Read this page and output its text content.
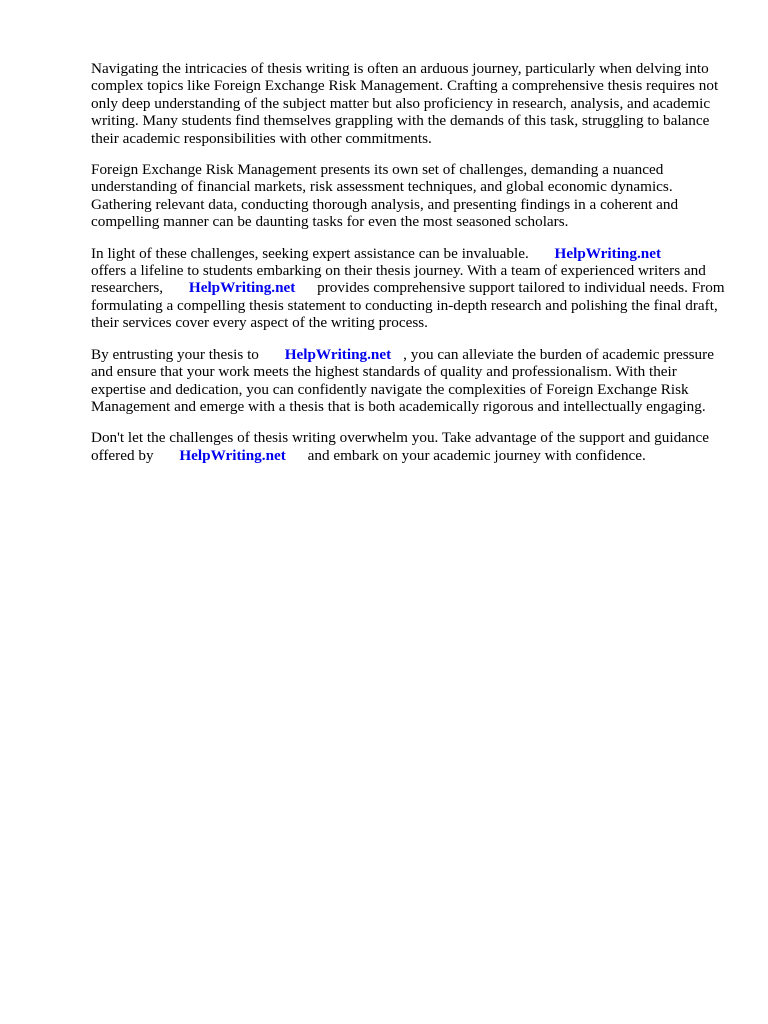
Navigating the intricacies of thesis writing is often an arduous journey, particularly when delving into complex topics like Foreign Exchange Risk Management. Crafting a comprehensive thesis requires not only deep understanding of the subject matter but also proficiency in research, analysis, and academic writing. Many students find themselves grappling with the demands of this task, struggling to balance their academic responsibilities with other commitments.

Foreign Exchange Risk Management presents its own set of challenges, demanding a nuanced understanding of financial markets, risk assessment techniques, and global economic dynamics. Gathering relevant data, conducting thorough analysis, and presenting findings in a coherent and compelling manner can be daunting tasks for even the most seasoned scholars.

In light of these challenges, seeking expert assistance can be invaluable. HelpWriting.net
offers a lifeline to students embarking on their thesis journey. With a team of experienced writers and researchers, HelpWriting.net provides comprehensive support tailored to individual needs. From formulating a compelling thesis statement to conducting in-depth research and polishing the final draft, their services cover every aspect of the writing process.

By entrusting your thesis to HelpWriting.net , you can alleviate the burden of academic pressure and ensure that your work meets the highest standards of quality and professionalism. With their expertise and dedication, you can confidently navigate the complexities of Foreign Exchange Risk Management and emerge with a thesis that is both academically rigorous and intellectually engaging.

Don't let the challenges of thesis writing overwhelm you. Take advantage of the support and guidance offered by HelpWriting.net and embark on your academic journey with confidence.
